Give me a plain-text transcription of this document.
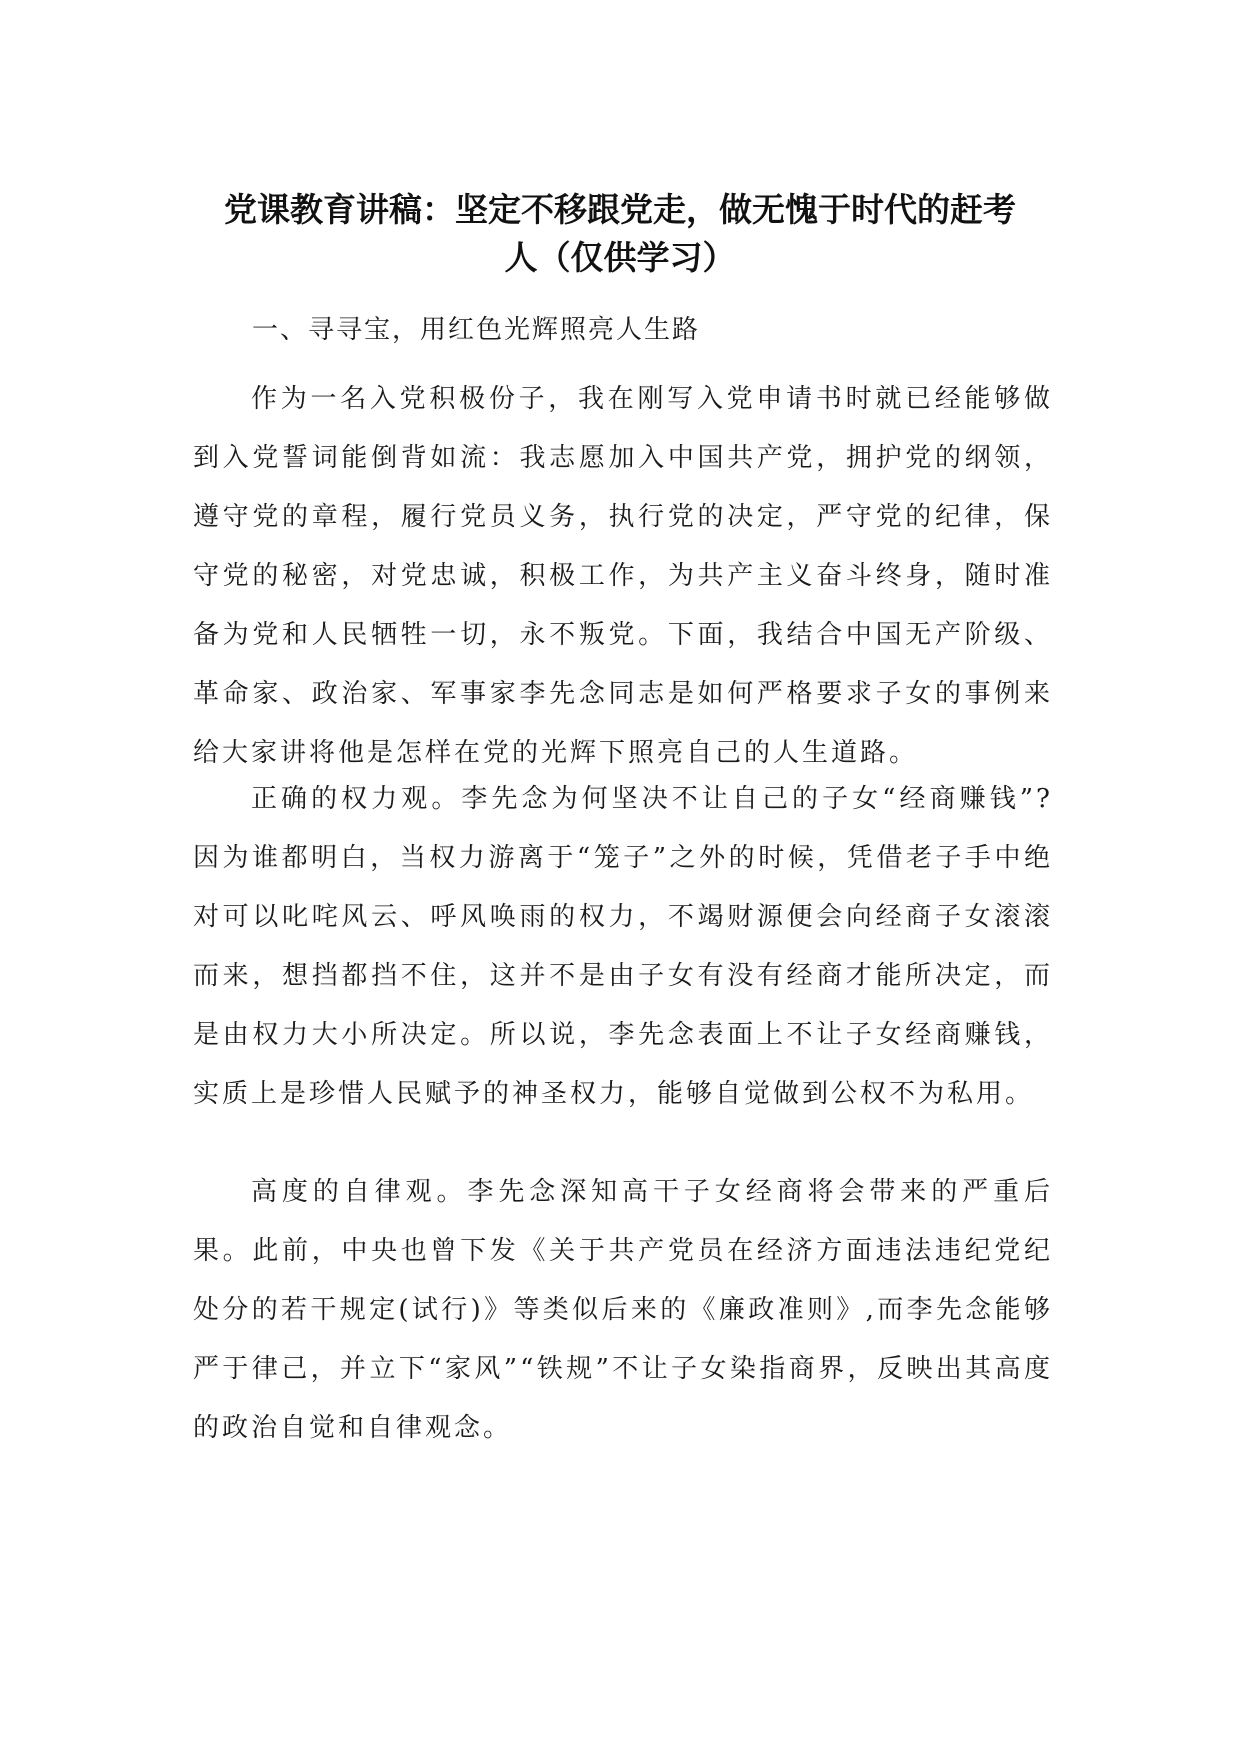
党课教育讲稿：坚定不移跟党走，做无愧于时代的赶考
人（仅供学习）

一、寻寻宝，用红色光辉照亮人生路

作为一名入党积极份子，我在刚写入党申请书时就已经能够做到入党誓词能倒背如流：我志愿加入中国共产党，拥护党的纲领，遵守党的章程，履行党员义务，执行党的决定，严守党的纪律，保守党的秘密，对党忠诚，积极工作，为共产主义奋斗终身，随时准备为党和人民牺牲一切，永不叛党。下面，我结合中国无产阶级、革命家、政治家、军事家李先念同志是如何严格要求子女的事例来给大家讲将他是怎样在党的光辉下照亮自己的人生道路。

正确的权力观。李先念为何坚决不让自己的子女“经商赚钱”?因为谁都明白，当权力游离于“笼子”之外的时候，凭借老子手中绝对可以叱咤风云、呼风唤雨的权力，不竭财源便会向经商子女滚滚而来，想挡都挡不住，这并不是由子女有没有经商才能所决定，而是由权力大小所决定。所以说，李先念表面上不让子女经商赚钱，实质上是珍惜人民赋予的神圣权力，能够自觉做到公权不为私用。

高度的自律观。李先念深知高干子女经商将会带来的严重后果。此前，中央也曾下发《关于共产党员在经济方面违法违纪党纪处分的若干规定(试行)》等类似后来的《廉政准则》,而李先念能够严于律己，并立下“家风”“铁规”不让子女染指商界，反映出其高度的政治自觉和自律观念。
